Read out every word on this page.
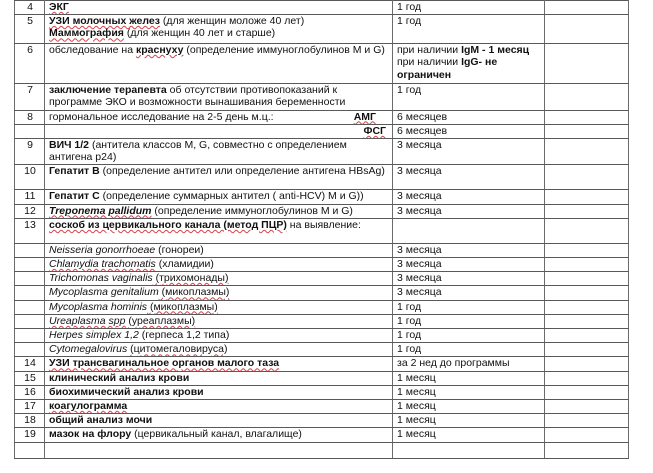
4	ЭКГ	1 год	
5	УЗИ молочных желез (для женщин моложе 40 лет)
Маммография (для женщин 40 лет и старше)	1 год	
6	обследование на краснуху (определение иммуноглобулинов M и G)	при наличии IgM - 1 месяц
при наличии IgG- не ограничен	
7	заключение терапевта об отсутствии противопоказаний к программе ЭКО и возможности вынашивания беременности	1 год	
8	гормональное исследование на 2-5 день м.ц.: АМГ	6 месяцев	

	ФСГ	6 месяцев	
9	ВИЧ 1/2 (антитела классов M, G, совместно с определением антигена р24)	3 месяца	
10	Гепатит В (определение антител или определение антигена HBsAg)	3 месяца	
11	Гепатит С (определение суммарных антител ( anti-HCV) M и G))	3 месяца	
12	Treponema pallidum (определение иммуноглобулинов M и G)	3 месяца	
13	соскоб из цервикального канала (метод ПЦР) на выявление:		
	Neisseria gonorrhoeae (гонореи)	3 месяца	
	Chlamydia trachomatis (хламидии)	3 месяца	
	Trichomonas vaginalis (трихомонады)	3 месяца	
	Mycoplasma genitalium (микоплазмы)	3 месяца	
	Mycoplasma hominis (микоплазмы)	1 год	
	Ureaplasma spp (уреаплазмы)	1 год	
	Herpes simplex 1,2 (герпеса 1,2 типа)	1 год	
	Cytomegalovirus (цитомегаловируса)	1 год	
14	УЗИ трансвагинальное органов малого таза	за 2 нед до программы	
15	клинический анализ крови	1 месяц	
16	биохимический анализ крови	1 месяц	
17	коагулограмма	1 месяц	
18	общий анализ мочи	1 месяц	
19	мазок на флору (цервикальный канал, влагалище)	1 месяц	
